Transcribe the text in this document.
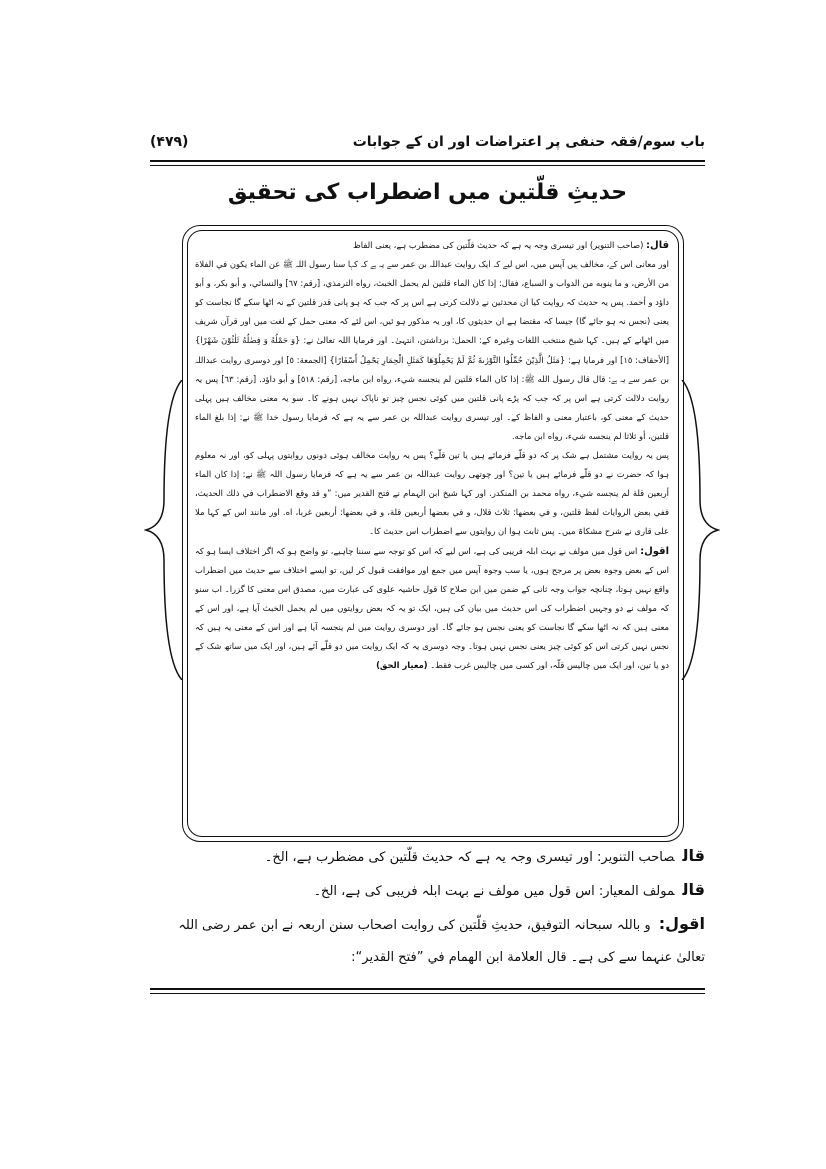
باب سوم/فقہ حنفی پر اعتراضات اور ان کے جوابات
(۴۷۹)
حدیثِ قلّتین میں اضطراب کی تحقیق

قال: (صاحب التنویر) اور تیسری وجہ یہ ہے کہ حدیث قلّتین کی مضطرب ہے، یعنی الفاظ

اور معانی اس کے، مخالف ہیں آپس میں، اس لیے کہ ایک روایت عبداللہ بن عمر سے یہ ہے کہ کہا سنا رسول اللہ ﷺ عن الماء يكون في الفلاة من الأرض، و ما ينوبه من الدواب و السباع، فقال: إذا كان الماء قلتين لم يحمل الخبث، رواه الترمذي، [رقم: ٦٧] والنسائي، و أبو بكر، و أبو داؤد و أحمد. پس یہ حدیث کہ روایت کیا ان محدثین نے دلالت کرتی ہے اس پر کہ جب کہ ہو پانی قدر قلتین کے نہ اٹھا سکے گا نجاست کو یعنی (نجس نہ ہو جائے گا) جیسا کہ مقتضا ہے ان حدیثوں کا، اور یہ مذکور ہو ئیں، اس لئے کہ معنی حمل کے لغت میں اور قرآن شریف میں اٹھانے کے ہیں۔ کہا شیخ منتخب اللغات وغیرہ کے: الحمل: برداشتن، انتہیٰ۔ اور فرمایا اللہ تعالیٰ نے: {وَ حَمْلُهُ وَ فِصٰلُهُ ثَلٰثُوْنَ شَهْرًا} [الأحقاف: ١٥] اور فرمایا ہے: {مَثَلُ الَّذِيْنَ حُمِّلُوا التَّوْرٰىةَ ثُمَّ لَمْ يَحْمِلُوْهَا كَمَثَلِ الْحِمَارِ يَحْمِلُ أَسْفَارًا} [الجمعة: ٥] اور دوسری روایت عبداللہ بن عمر سے یہ ہے: قال قال رسول الله ﷺ: إذا كان الماء قلتين لم ينجسه شيء، رواه ابن ماجه، [رقم: ٥١٨] و أبو داؤد. [رقم: ٦٣] پس یہ روایت دلالت کرتی ہے اس پر کہ جب کہ پڑے پانی قلتین میں کوئی نجس چیز تو ناپاک نہیں ہونے کا۔ سو یہ معنی مخالف ہیں پہلی حدیث کے معنی کو، باعتبار معنی و الفاظ کے۔ اور تیسری روایت عبداللہ بن عمر سے یہ ہے کہ فرمایا رسول خدا ﷺ نے: إذا بلغ الماء قلتين، أو ثلاثا لم ينجسه شيء، رواه ابن ماجه.

پس یہ روایت مشتمل ہے شک پر کہ دو قلّے فرمائے ہیں یا تین قلّے؟ پس یہ روایت مخالف ہوئی دونوں روایتوں پہلی کو، اور نہ معلوم ہوا کہ حضرت نے دو قلّے فرمائے ہیں یا تین؟ اور چوتھی روایت عبداللہ بن عمر سے یہ ہے کہ فرمایا رسول اللہ ﷺ نے: إذا كان الماء أربعين قلة لم ينجسه شيء، رواه محمد بن المنكدر. اور کہا شیخ ابن الہمام نے فتح القدیر میں: ”و قد وقع الاضطراب في ذلك الحديث، ففي بعض الروايات لفظ قلتين، و في بعضها: ثلاث قلال، و في بعضها أربعين قلة، و في بعضها: أربعين غربا، اه. اور مانند اس کے کہا ملا علی قاری نے شرح مشکاۃ میں۔ پس ثابت ہوا ان روایتوں سے اضطراب اس حدیث کا۔

اقول: اس قول میں مولف نے بہت ابلہ فریبی کی ہے، اس لیے کہ اس کو توجہ سے سننا چاہیے، تو واضح ہو کہ اگر اختلاف ایسا ہو کہ اس کے بعض وجوہ بعض پر مرجح ہوں، یا سب وجوہ آپس میں جمع اور موافقت قبول کر لیں، تو ایسے اختلاف سے حدیث میں اضطراب واقع نہیں ہوتا، چنانچہ جواب وجہ ثانی کے ضمن میں ابن صلاح کا قول حاشیہ علوی کی عبارت میں، مصدق اس معنی کا گزرا۔ اب سنو کہ مولف نے دو وجہیں اضطراب کی اس حدیث میں بیان کی ہیں، ایک تو یہ کہ بعض روایتوں میں لم یحمل الخبث آیا ہے، اور اس کے معنی ہیں کہ نہ اٹھا سکے گا نجاست کو یعنی نجس ہو جائے گا۔ اور دوسری روایت میں لم ینجسہ آیا ہے اور اس کے معنی یہ ہیں کہ نجس نہیں کرتی اس کو کوئی چیز یعنی نجس نہیں ہوتا۔ وجہ دوسری یہ کہ ایک روایت میں دو قلّے آئے ہیں، اور ایک میں ساتھ شک کے دو یا تین، اور ایک میں چالیس قلّہ، اور کسی میں چالیس غرب فقط۔ (معیار الحق)

قالصاحب التنویر: اور تیسری وجہ یہ ہے کہ حدیث قلّتین کی مضطرب ہے، الخ۔
قالمولف المعیار: اس قول میں مولف نے بہت ابلہ فریبی کی ہے، الخ۔
اقول:و باللہ سبحانہ التوفیق، حدیثِ قلّتین کی روایت اصحاب سنن اربعہ نے ابن عمر رضی اللہ
تعالیٰ عنہما سے کی ہے۔ قال العلامة ابن الهمام في ”فتح القدير“:
